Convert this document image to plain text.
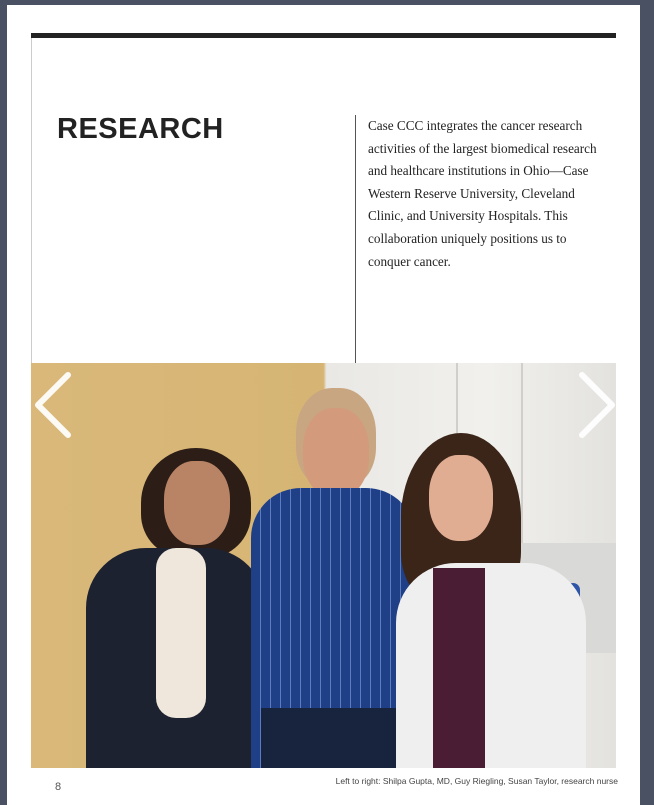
RESEARCH	Case CCC integrates the cancer research activities of the largest biomedical research and healthcare institutions in Ohio—Case Western Reserve University, Cleveland Clinic, and University Hospitals. This collaboration uniquely positions us to conquer cancer.

8	Left to right: Shilpa Gupta, MD, Guy Riegling, Susan Taylor, research nurse
